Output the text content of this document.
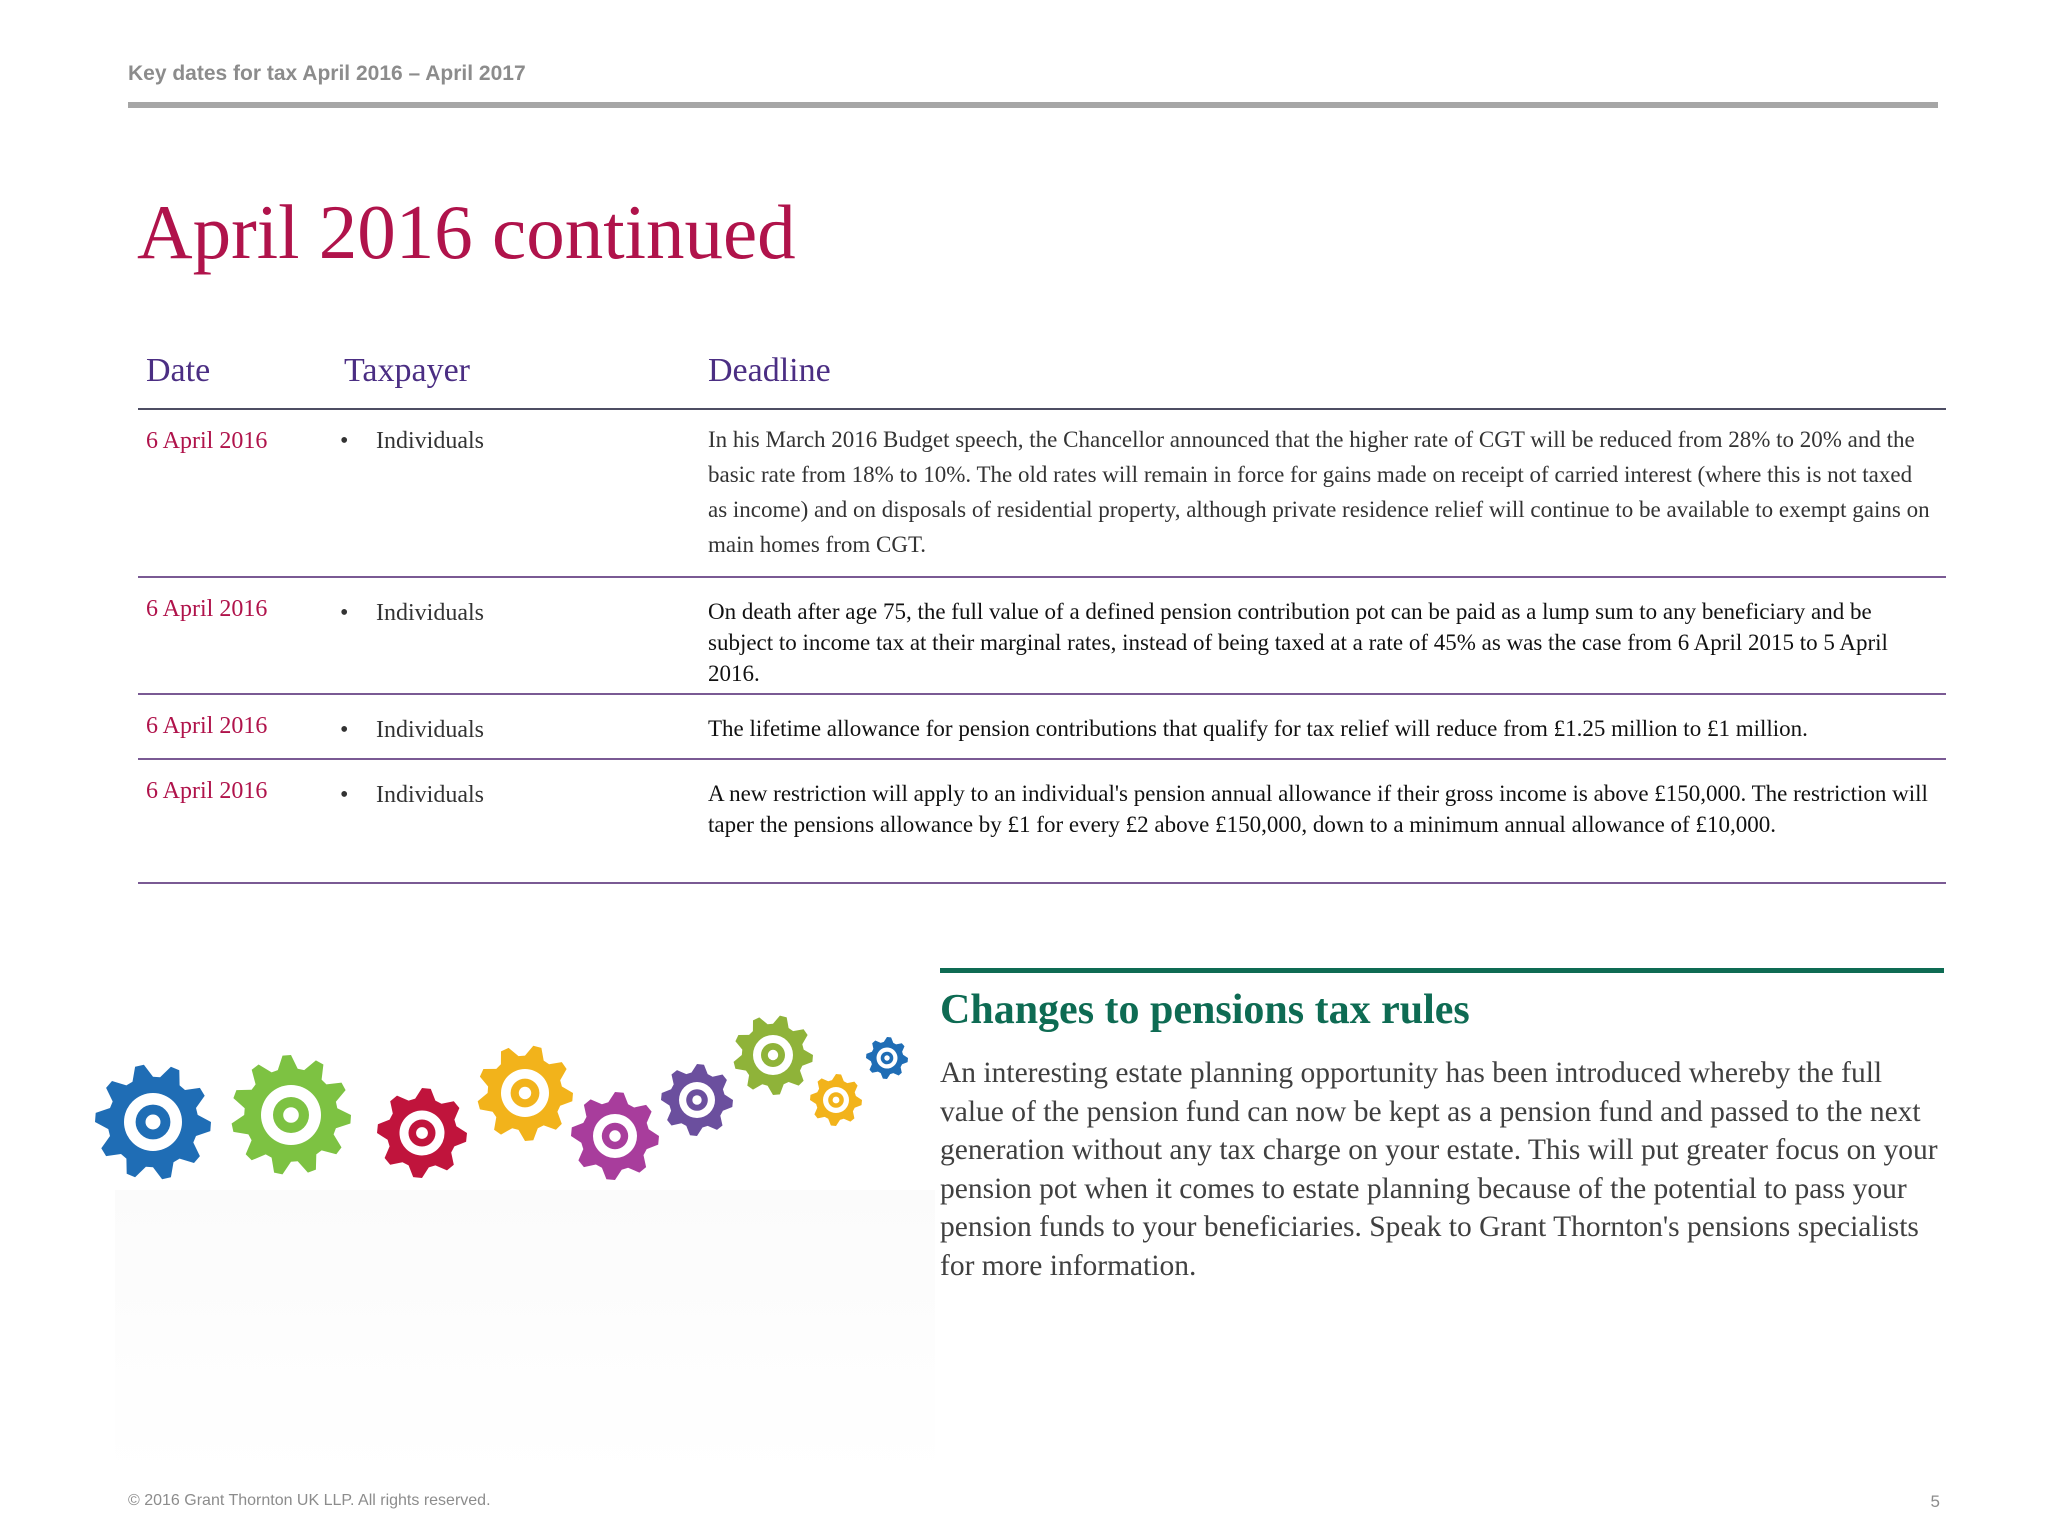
Key dates for tax April 2016 – April 2017
April 2016 continued
Date	Taxpayer	Deadline
6 April 2016	•	Individuals	In his March 2016 Budget speech, the Chancellor announced that the higher rate of CGT will be reduced from 28% to 20% and the basic rate from 18% to 10%. The old rates will remain in force for gains made on receipt of carried interest (where this is not taxed as income) and on disposals of residential property, although private residence relief will continue to be available to exempt gains on main homes from CGT.
6 April 2016	•	Individuals	On death after age 75, the full value of a defined pension contribution pot can be paid as a lump sum to any beneficiary and be subject to income tax at their marginal rates, instead of being taxed at a rate of 45% as was the case from 6 April 2015 to 5 April 2016.
6 April 2016	•	Individuals	The lifetime allowance for pension contributions that qualify for tax relief will reduce from £1.25 million to £1 million.
6 April 2016	•	Individuals	A new restriction will apply to an individual's pension annual allowance if their gross income is above £150,000. The restriction will taper the pensions allowance by £1 for every £2 above £150,000, down to a minimum annual allowance of £10,000.
Changes to pensions tax rules

An interesting estate planning opportunity has been introduced whereby the full value of the pension fund can now be kept as a pension fund and passed to the next generation without any tax charge on your estate. This will put greater focus on your pension pot when it comes to estate planning because of the potential to pass your pension funds to your beneficiaries. Speak to Grant Thornton's pensions specialists for more information.

© 2016 Grant Thornton UK LLP. All rights reserved.	5
